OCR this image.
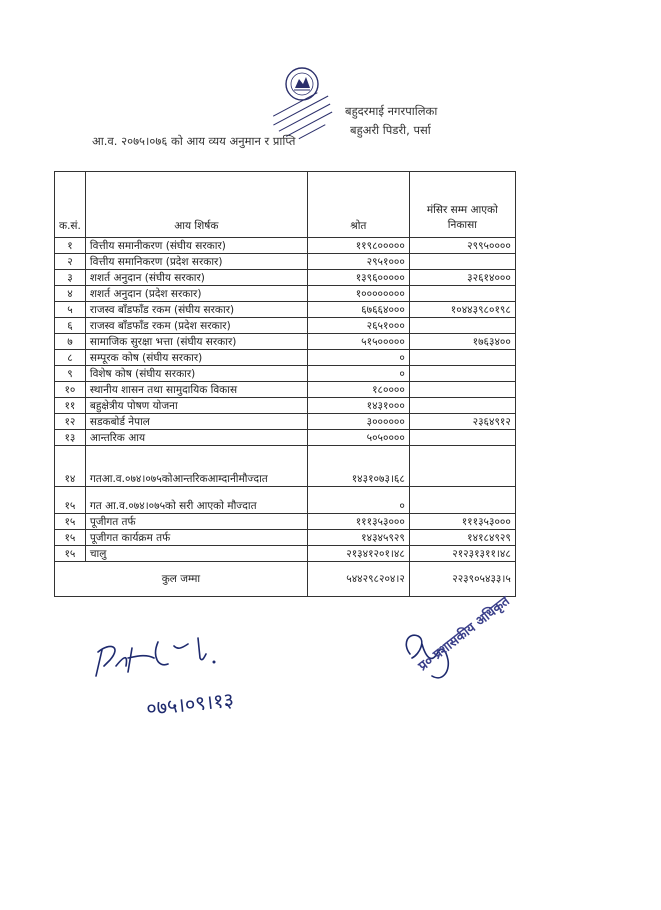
बहुदरमाई नगरपालिका
बहुअरी पिडरी, पर्सा
आ.व. २०७५।०७६ को आय व्यय अनुमान र प्राप्ति
क.सं.	आय शिर्षक	श्रोत	मंसिर सम्म आएको निकासा
१	वित्तीय समानीकरण (संघीय सरकार)	११९८०००००	२९९५००००
२	वित्तीय समानिकरण (प्रदेश सरकार)	२९५१०००	
३	शशर्त अनुदान (संघीय सरकार)	१३९६०००००	३२६१४०००
४	शशर्त अनुदान (प्रदेश सरकार)	१००००००००	
५	राजस्व बाँडफाँड रकम (संघीय सरकार)	६७६६४०००	१०४४३९८०१९८
६	राजस्व बाँडफाँड रकम (प्रदेश सरकार)	२६५१०००	
७	सामाजिक सुरक्षा भत्ता (संघीय सरकार)	५१५०००००	१७६३४००
८	सम्पूरक कोष (संघीय सरकार)	०	
९	विशेष कोष (संघीय सरकार)	०	
१०	स्थानीय शासन तथा सामुदायिक विकास	१८००००	
११	बहुक्षेत्रीय पोषण योजना	१४३१०००	
१२	सडकबोर्ड नेपाल	३००००००	२३६४९१२
१३	आन्तरिक आय	५०५००००	
१४	गतआ.व.०७४।०७५कोआन्तरिकआम्दानीमौज्दात	१४३१०७३।६८	
१५	गत आ.व.०७४।०७५को सरी आएको मौज्दात	०	
१५	पूजीगत तर्फ	१११३५३०००	१११३५३०००
१५	पूजीगत कार्यक्रम तर्फ	१४३४५९२९	१४१८४९२९
१५	चालु	२१३४१२०१।४८	२१२३१३११।४८
कुल जम्मा		५४४२९८२०४।२	२२३९०५४३३।५
०७५।०९।१३
प्र० प्रशासकीय अधिकृत
